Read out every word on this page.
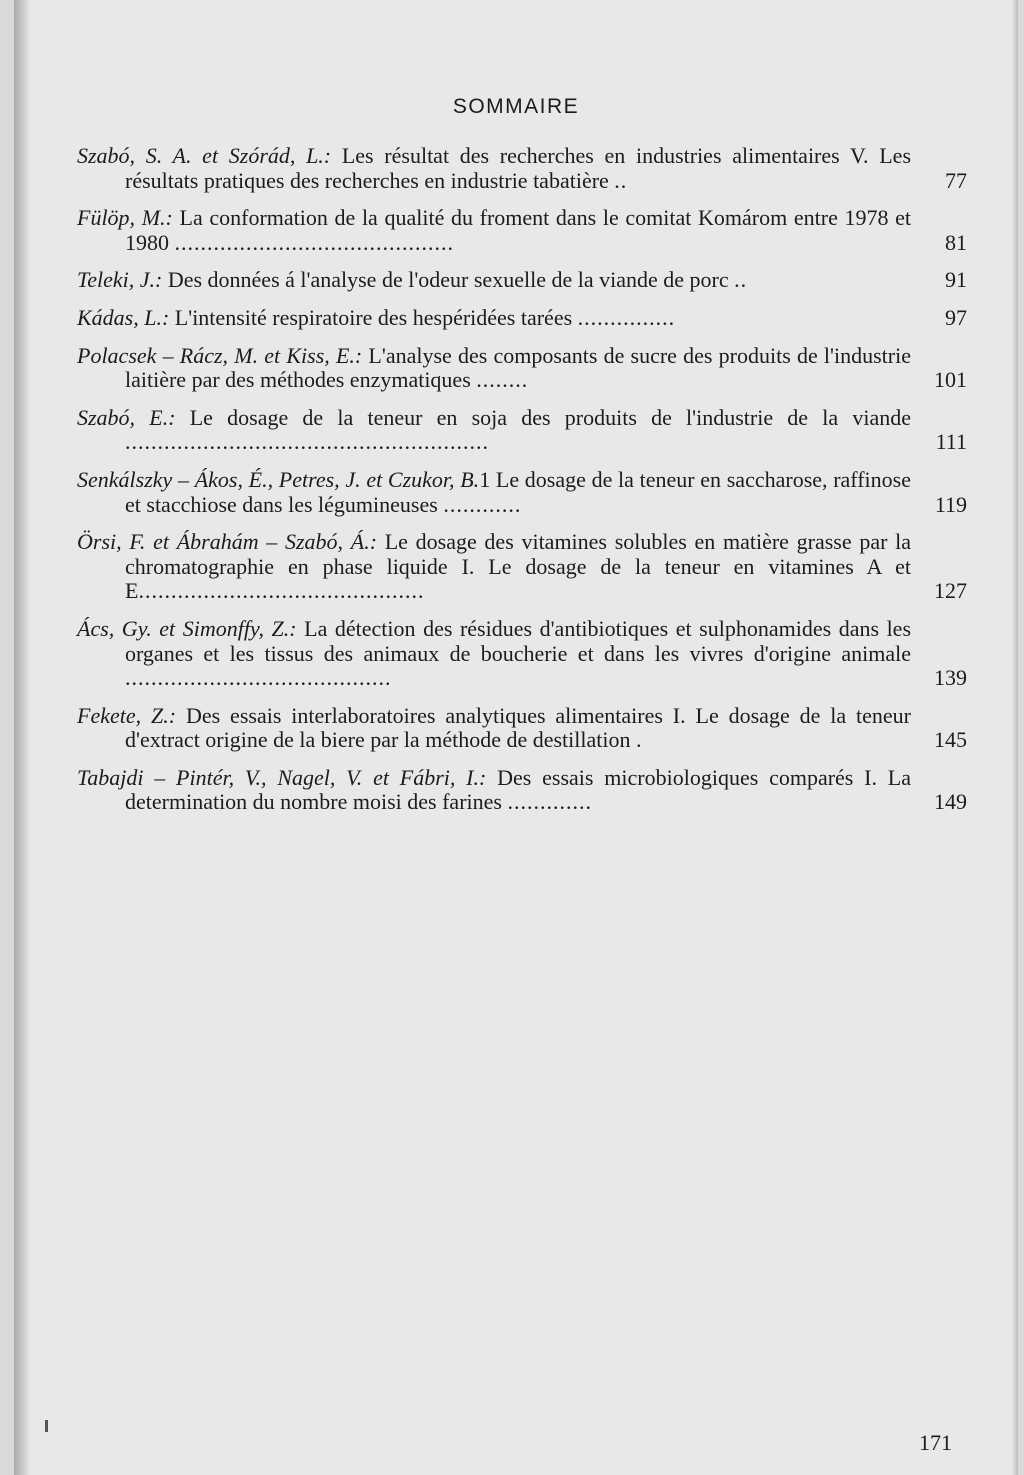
SOMMAIRE
Szabó, S. A. et Szórád, L.: Les résultat des recherches en industries alimentaires V. Les résultats pratiques des recherches en industrie tabatière ..	77
Fülöp, M.: La conformation de la qualité du froment dans le comitat Komárom entre 1978 et 1980 ...........................................	81
Teleki, J.: Des données á l'analyse de l'odeur sexuelle de la viande de porc ..	91
Kádas, L.: L'intensité respiratoire des hespéridées tarées ...............	97
Polacsek – Rácz, M. et Kiss, E.: L'analyse des composants de sucre des produits de l'industrie laitière par des méthodes enzymatiques ........	101
Szabó, E.: Le dosage de la teneur en soja des produits de l'industrie de la viande ........................................................	111
Senkálszky – Ákos, É., Petres, J. et Czukor, B.1 Le dosage de la teneur en saccharose, raffinose et stacchiose dans les légumineuses ............	119
Örsi, F. et Ábrahám – Szabó, Á.: Le dosage des vitamines solubles en matière grasse par la chromatographie en phase liquide I. Le dosage de la teneur en vitamines A et E............................................	127
Ács, Gy. et Simonffy, Z.: La détection des résidues d'antibiotiques et sulphonamides dans les organes et les tissus des animaux de boucherie et dans les vivres d'origine animale .........................................	139
Fekete, Z.: Des essais interlaboratoires analytiques alimentaires I. Le dosage de la teneur d'extract origine de la biere par la méthode de destillation .	145
Tabajdi – Pintér, V., Nagel, V. et Fábri, I.: Des essais microbiologiques comparés I. La determination du nombre moisi des farines .............	149
171
